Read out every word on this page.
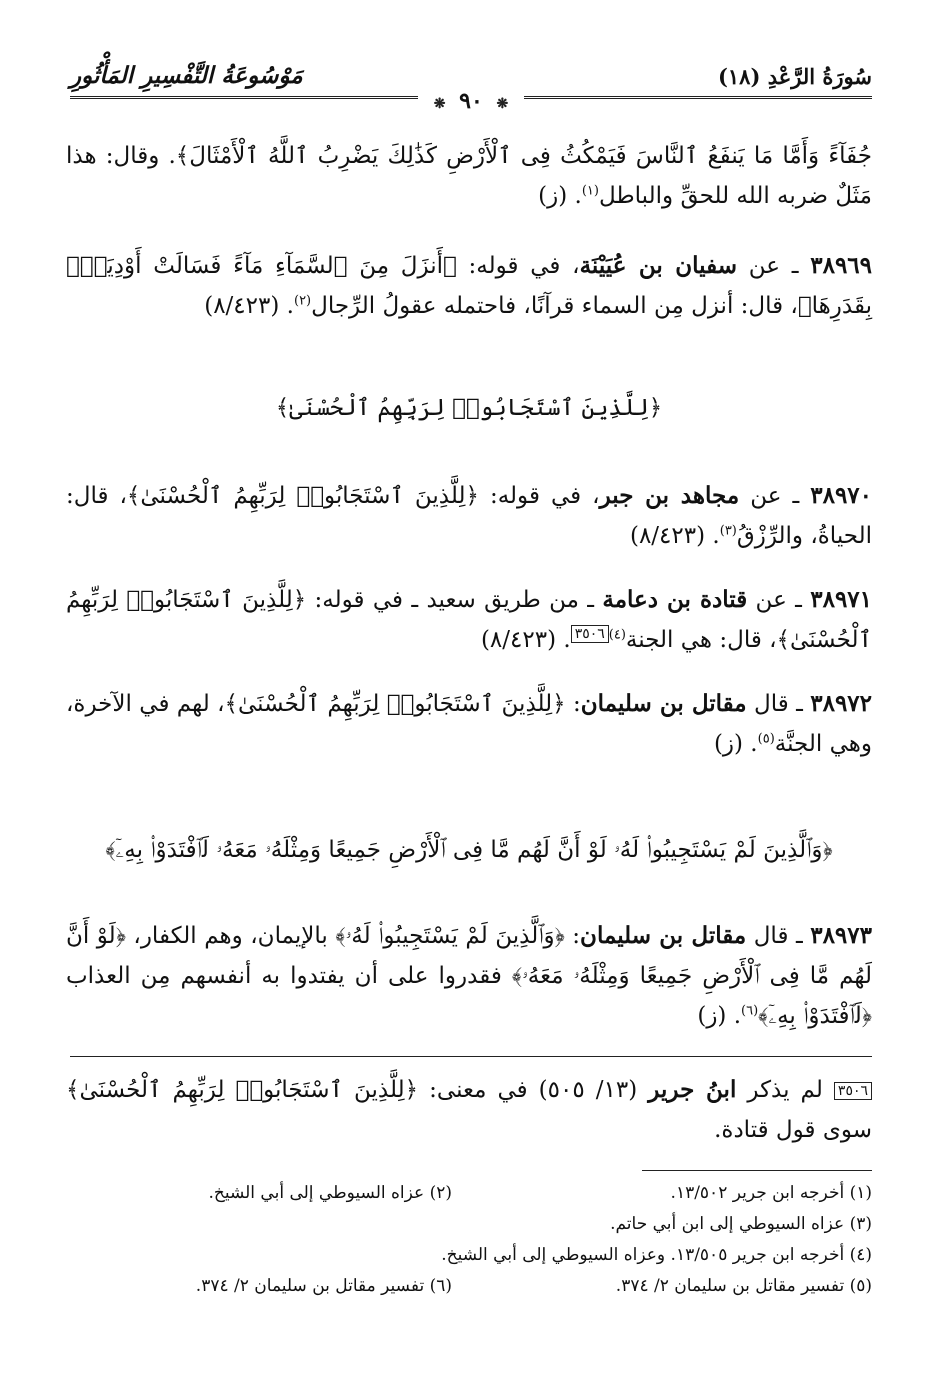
سُورَةُ الرَّعْدِ (١٨)
مَوْسُوعَةُ التَّفْسِيرِ المَأْثُورِ
❋ ٩٠ ❋
جُفَآءً وَأَمَّا مَا يَنفَعُ ٱلنَّاسَ فَيَمْكُثُ فِى ٱلْأَرْضِ كَذَٰلِكَ يَضْرِبُ ٱللَّهُ ٱلْأَمْثَالَ﴾. وقال: هذا مَثَلٌ ضربه الله للحقِّ والباطل$^{(١)}$. (ز)
٣٨٩٦٩ ـ عن سفيان بن عُيَيْنَة، في قوله: ﴿أَنزَلَ مِنَ ٱلسَّمَآءِ مَآءً فَسَالَتْ أَوْدِيَةٌۢ بِقَدَرِهَا﴾، قال: أنزل مِن السماء قرآنًا، فاحتمله عقولُ الرِّجال$^{(٢)}$. (٨/٤٢٣)
﴿لِلَّذِينَ ٱسْتَجَابُوا۟ لِرَبِّهِمُ ٱلْحُسْنَىٰ﴾
٣٨٩٧٠ ـ عن مجاهد بن جبر، في قوله: ﴿لِلَّذِينَ ٱسْتَجَابُوا۟ لِرَبِّهِمُ ٱلْحُسْنَىٰ﴾، قال: الحياةُ، والرِّزْقُ$^{(٣)}$. (٨/٤٢٣)
٣٨٩٧١ ـ عن قتادة بن دعامة ـ من طريق سعيد ـ في قوله: ﴿لِلَّذِينَ ٱسْتَجَابُوا۟ لِرَبِّهِمُ ٱلْحُسْنَىٰ﴾، قال: هي الجنة$^{(٤)}$٣٥٠٦. (٨/٤٢٣)
٣٨٩٧٢ ـ قال مقاتل بن سليمان: ﴿لِلَّذِينَ ٱسْتَجَابُوا۟ لِرَبِّهِمُ ٱلْحُسْنَىٰ﴾، لهم في الآخرة، وهي الجنَّة$^{(٥)}$. (ز)
﴿وَٱلَّذِينَ لَمْ يَسْتَجِيبُوا۟ لَهُۥ لَوْ أَنَّ لَهُم مَّا فِى ٱلْأَرْضِ جَمِيعًا وَمِثْلَهُۥ مَعَهُۥ لَٱفْتَدَوْا۟ بِهِۦٓ﴾
٣٨٩٧٣ ـ قال مقاتل بن سليمان: ﴿وَٱلَّذِينَ لَمْ يَسْتَجِيبُوا۟ لَهُۥ﴾ بالإيمان، وهم الكفار، ﴿لَوْ أَنَّ لَهُم مَّا فِى ٱلْأَرْضِ جَمِيعًا وَمِثْلَهُۥ مَعَهُۥ﴾ فقدروا على أن يفتدوا به أنفسهم مِن العذاب ﴿لَٱفْتَدَوْا۟ بِهِۦٓ﴾$^{(٦)}$. (ز)
٣٥٠٦ لم يذكر ابنُ جرير (١٣/ ٥٠٥) في معنى: ﴿لِلَّذِينَ ٱسْتَجَابُوا۟ لِرَبِّهِمُ ٱلْحُسْنَىٰ﴾ سوى قول قتادة.
(١) أخرجه ابن جرير ١٣/٥٠٢.
(٢) عزاه السيوطي إلى أبي الشيخ.
(٣) عزاه السيوطي إلى ابن أبي حاتم.
(٤) أخرجه ابن جرير ١٣/٥٠٥. وعزاه السيوطي إلى أبي الشيخ.
(٥) تفسير مقاتل بن سليمان ٢/ ٣٧٤.
(٦) تفسير مقاتل بن سليمان ٢/ ٣٧٤.
